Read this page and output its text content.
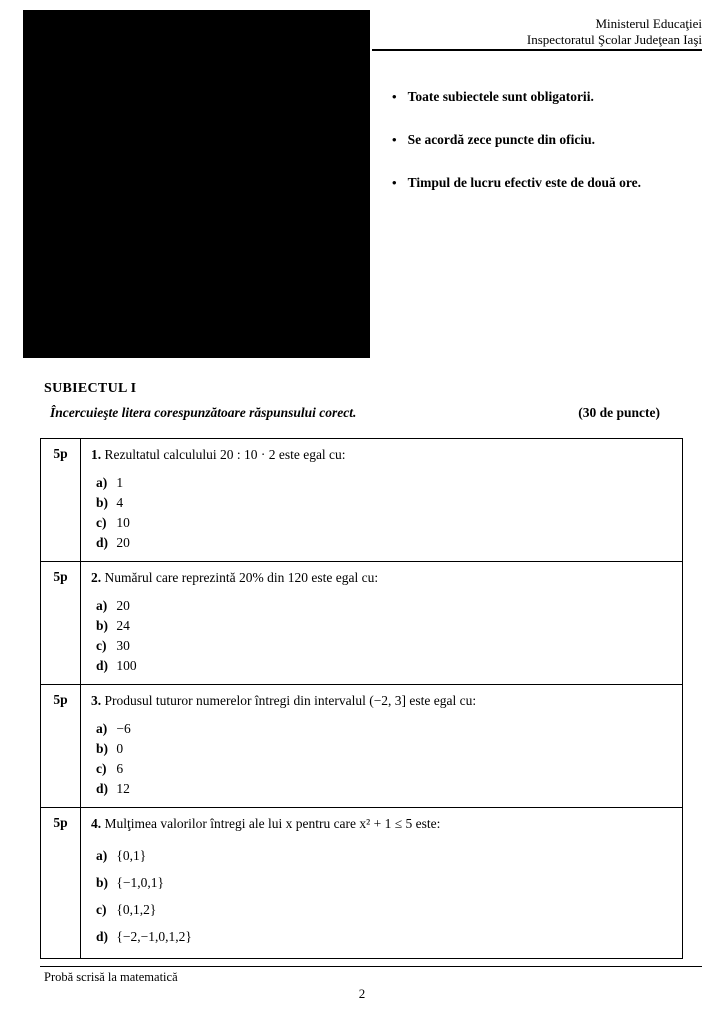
Ministerul Educaţiei
Inspectoratul Şcolar Judeţean Iaşi
• Toate subiectele sunt obligatorii.
• Se acordă zece puncte din oficiu.
• Timpul de lucru efectiv este de două ore.
SUBIECTUL I
Încercuieşte litera corespunzătoare răspunsului corect.	(30 de puncte)
5p	1. Rezultatul calculului 20 : 10 · 2 este egal cu:
a) 1
b) 4
c) 10
d) 20

5p	2. Numărul care reprezintă 20% din 120 este egal cu:
a) 20
b) 24
c) 30
d) 100

5p	3. Produsul tuturor numerelor întregi din intervalul (−2, 3] este egal cu:
a) −6
b) 0
c) 6
d) 12

5p	4. Mulţimea valorilor întregi ale lui x pentru care x² + 1 ≤ 5 este:
a) {0,1}
b) {−1,0,1}
c) {0,1,2}
d) {−2,−1,0,1,2}
Probă scrisă la matematică
2
